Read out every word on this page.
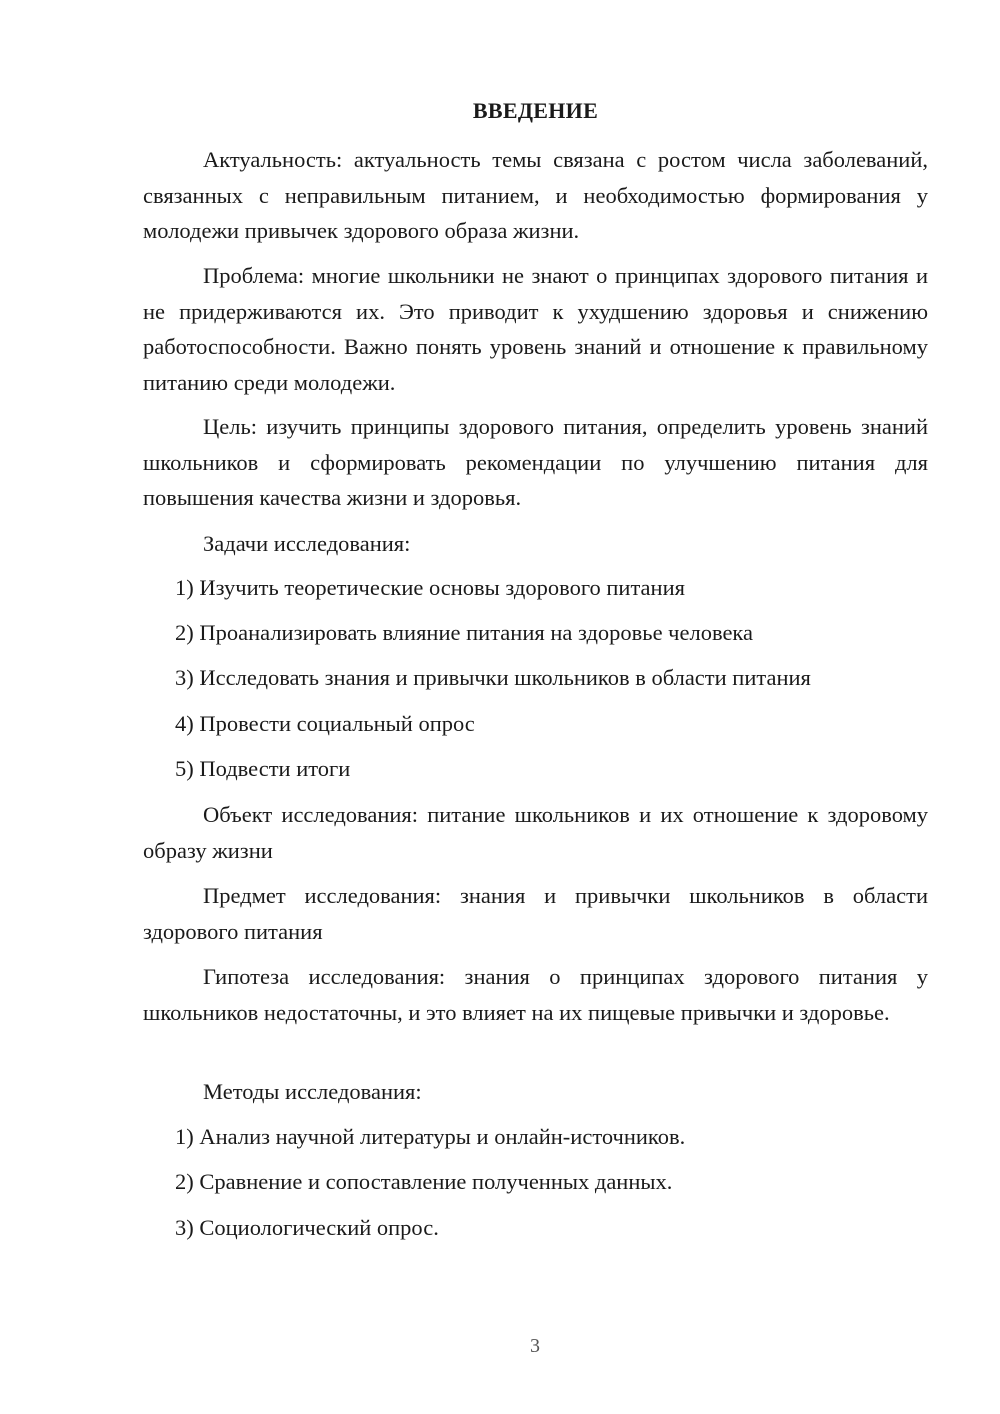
ВВЕДЕНИЕ

Актуальность: актуальность темы связана с ростом числа заболеваний, связанных с неправильным питанием, и необходимостью формирования у молодежи привычек здорового образа жизни.

Проблема: многие школьники не знают о принципах здорового питания и не придерживаются их. Это приводит к ухудшению здоровья и снижению работоспособности. Важно понять уровень знаний и отношение к правильному питанию среди молодежи.

Цель: изучить принципы здорового питания, определить уровень знаний школьников и сформировать рекомендации по улучшению питания для повышения качества жизни и здоровья.

Задачи исследования:

1) Изучить теоретические основы здорового питания

2) Проанализировать влияние питания на здоровье человека

3) Исследовать знания и привычки школьников в области питания

4) Провести социальный опрос

5) Подвести итоги

Объект исследования: питание школьников и их отношение к здоровому образу жизни

Предмет исследования: знания и привычки школьников в области здорового питания

Гипотеза исследования: знания о принципах здорового питания у школьников недостаточны, и это влияет на их пищевые привычки и здоровье.

Методы исследования:

1) Анализ научной литературы и онлайн-источников.

2) Сравнение и сопоставление полученных данных.

3) Социологический опрос.

3
